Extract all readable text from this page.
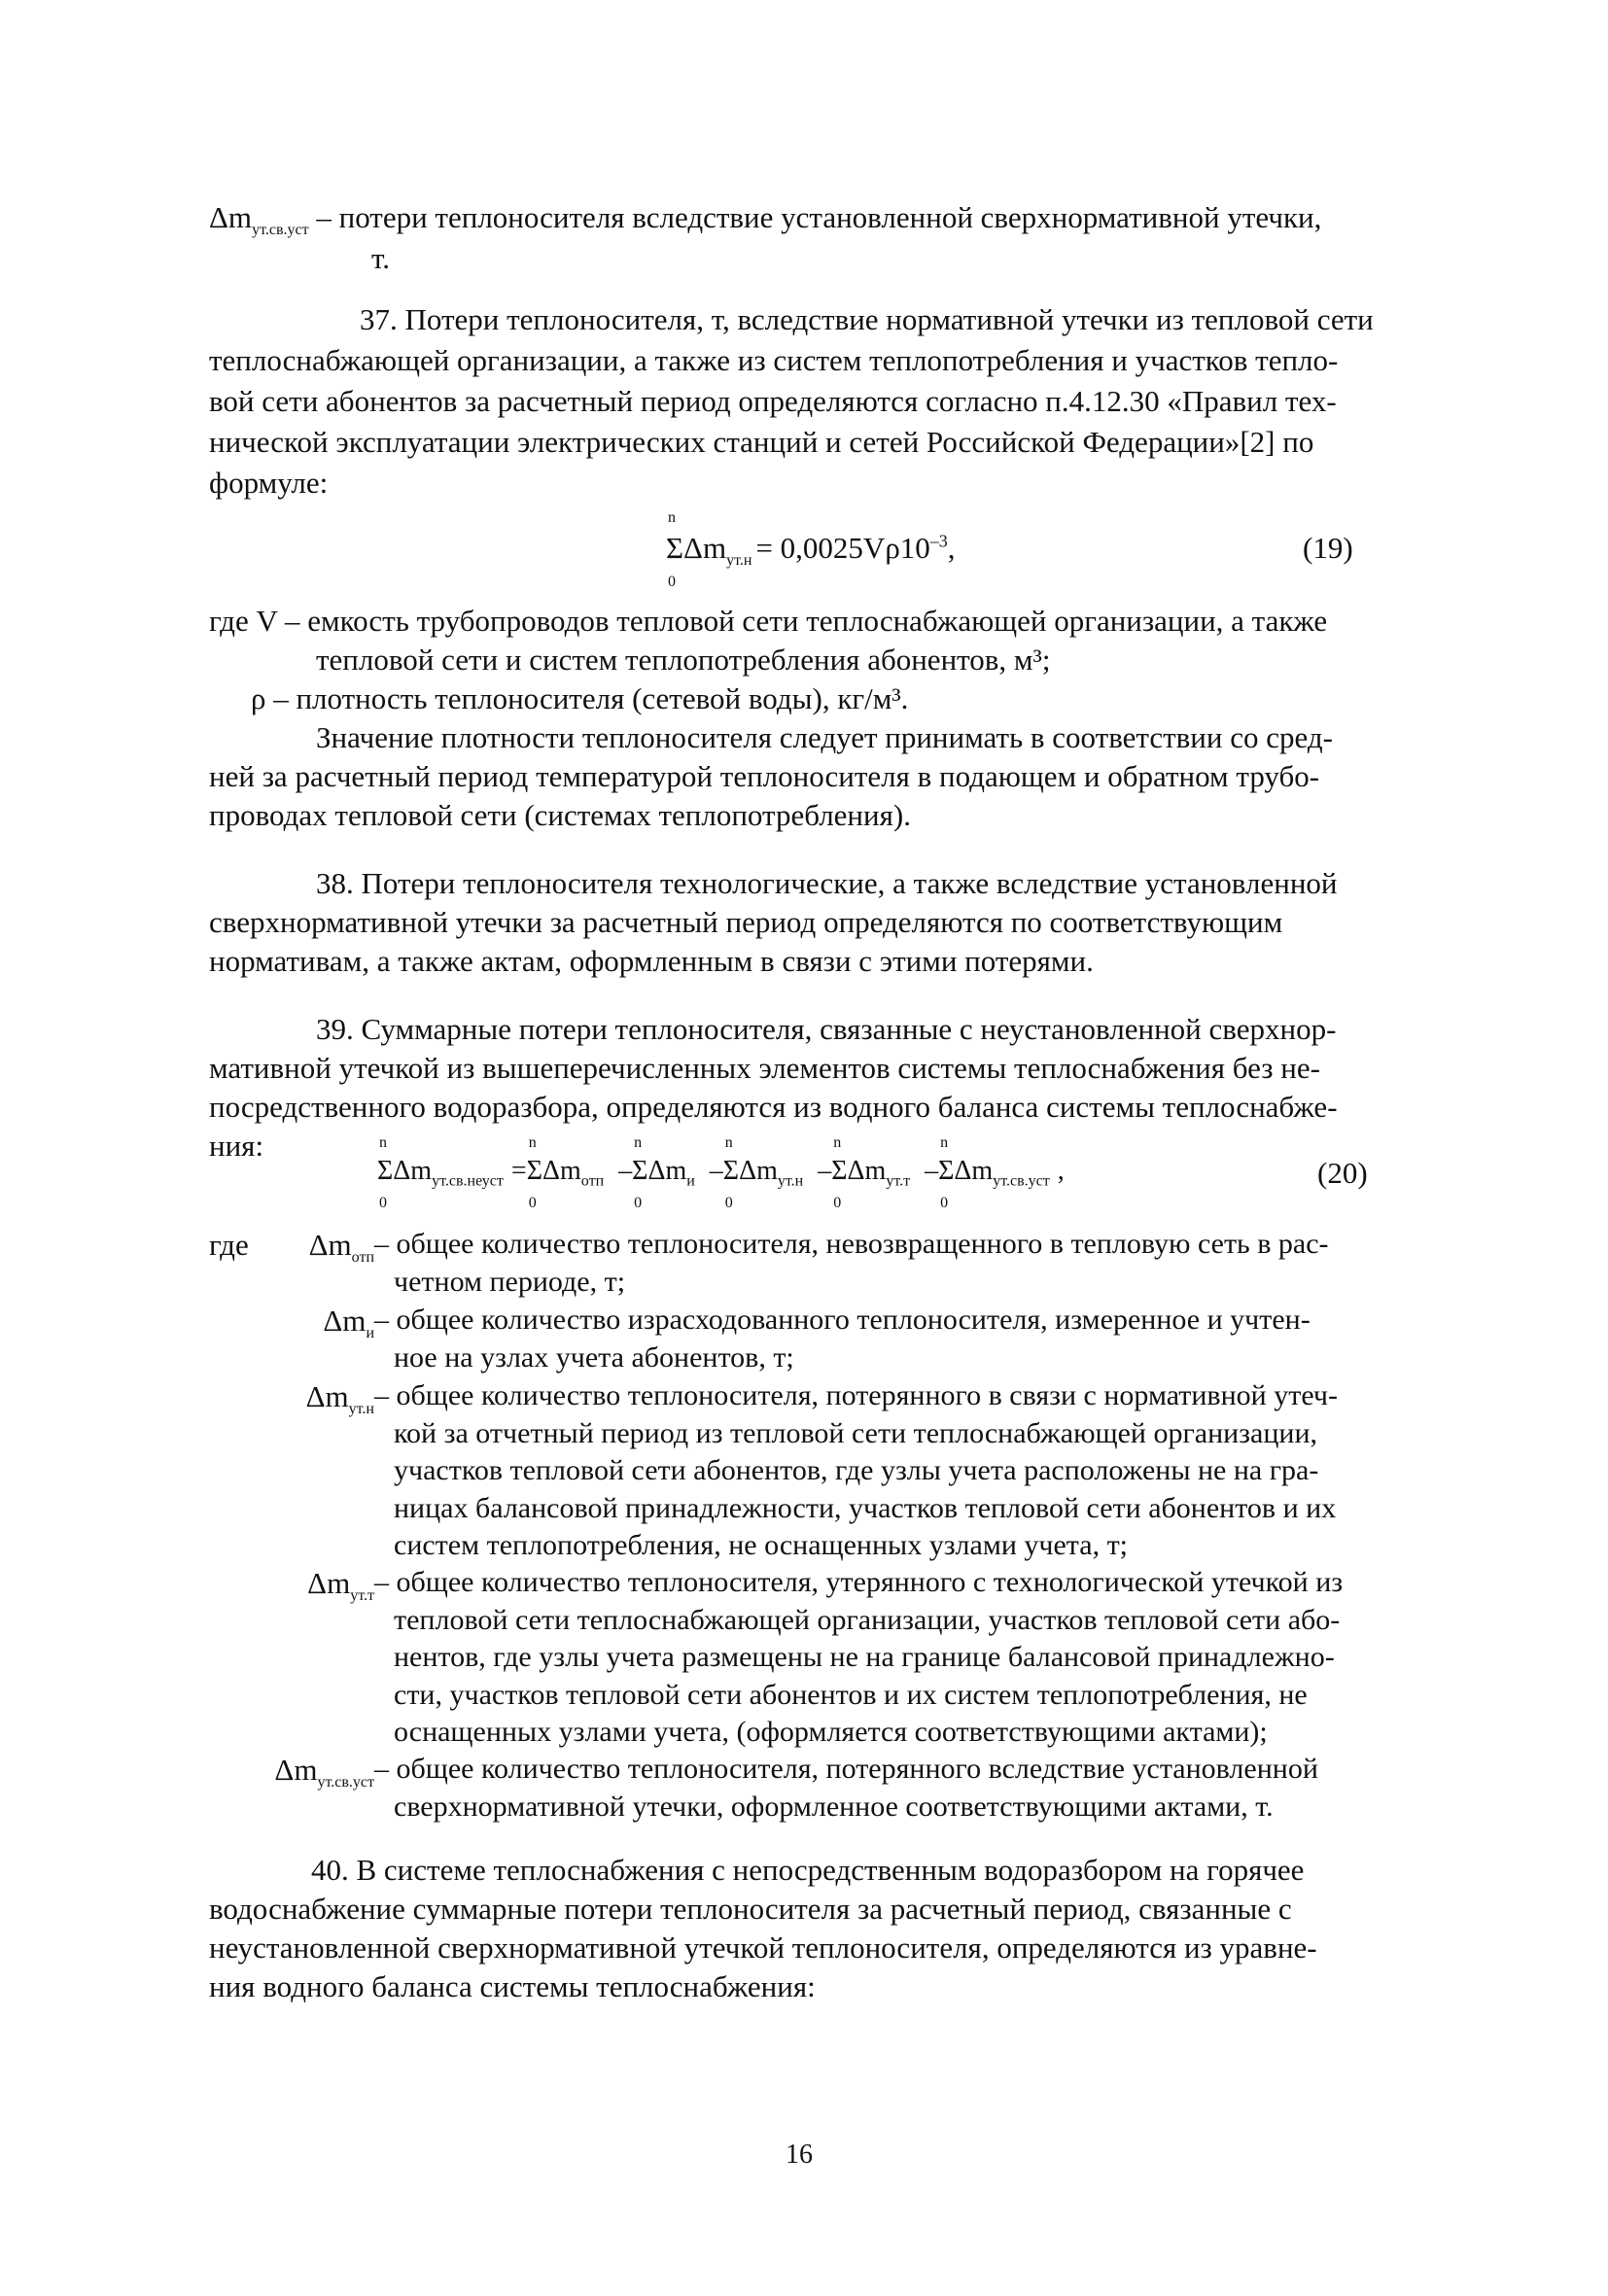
$\Delta m_{ут.св.уст}$ – потери теплоносителя вследствие установленной сверхнормативной утечки,
т.
37. Потери теплоносителя, т, вследствие нормативной утечки из тепловой сети
теплоснабжающей организации, а также из систем теплопотребления и участков тепло-
вой сети абонентов за расчетный период определяются согласно п.4.12.30 «Правил тех-
нической эксплуатации электрических станций и сетей Российской Федерации»[2] по
формуле:
n
ΣΔm$_{ут.н}$
0
= $0,0025V\rho 10^{-3}$,	(19)
где V – емкость трубопроводов тепловой сети теплоснабжающей организации, а также
тепловой сети и систем теплопотребления абонентов, м³;
ρ – плотность теплоносителя (сетевой воды), кг/м³.
Значение плотности теплоносителя следует принимать в соответствии со сред-
ней за расчетный период температурой теплоносителя в подающем и обратном трубо-
проводах тепловой сети (системах теплопотребления).
38. Потери теплоносителя технологические, а также вследствие установленной
сверхнормативной утечки за расчетный период определяются по соответствующим
нормативам, а также актам, оформленным в связи с этими потерями.
39. Суммарные потери теплоносителя, связанные с неустановленной сверхнор-
мативной утечкой из вышеперечисленных элементов системы теплоснабжения без не-
посредственного водоразбора, определяются из водного баланса системы теплоснабже-
ния:	n
ΣΔm$_{ут.св.неуст}$
0
=
n
ΣΔm$_{отп}$
0
–
n
ΣΔm$_и$
0
–
n
ΣΔm$_{ут.н}$
0
–
n
ΣΔm$_{ут.т}$
0
–
n
ΣΔm$_{ут.св.уст}$
0
,	(20)
где $\Delta m_{отп}$ – общее количество теплоносителя, невозвращенного в тепловую сеть в рас-
четном периоде, т;
$\Delta m_и$ – общее количество израсходованного теплоносителя, измеренное и учтен-
ное на узлах учета абонентов, т;
$\Delta m_{ут.н}$ – общее количество теплоносителя, потерянного в связи с нормативной утеч-
кой за отчетный период из тепловой сети теплоснабжающей организации,
участков тепловой сети абонентов, где узлы учета расположены не на гра-
ницах балансовой принадлежности, участков тепловой сети абонентов и их
систем теплопотребления, не оснащенных узлами учета, т;
$\Delta m_{ут.т}$ – общее количество теплоносителя, утерянного с технологической утечкой из
тепловой сети теплоснабжающей организации, участков тепловой сети або-
нентов, где узлы учета размещены не на границе балансовой принадлежно-
сти, участков тепловой сети абонентов и их систем теплопотребления, не
оснащенных узлами учета, (оформляется соответствующими актами);
$\Delta m_{ут.св.уст}$ – общее количество теплоносителя, потерянного вследствие установленной
сверхнормативной утечки, оформленное соответствующими актами, т.
40. В системе теплоснабжения с непосредственным водоразбором на горячее
водоснабжение суммарные потери теплоносителя за расчетный период, связанные с
неустановленной сверхнормативной утечкой теплоносителя, определяются из уравне-
ния водного баланса системы теплоснабжения:
16
